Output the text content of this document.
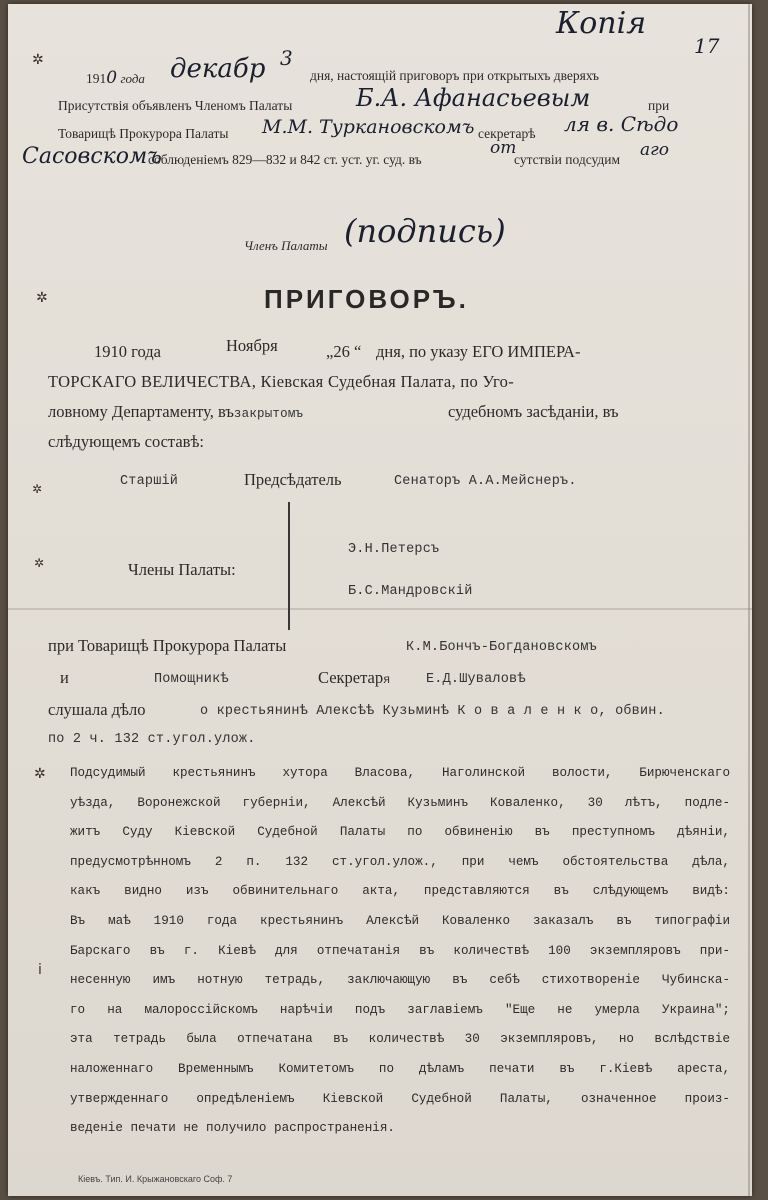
✲
✲
✲
✲
✲
ⅰ
Копія
17
1910 года декабр 3
дня, настоящій приговоръ при открытыхъ дверяхъ
Присутствія объявленъ Членомъ Палаты	Б.А. Афанасьевым	при
Товарищѣ Прокурора Палаты М.М. Туркановскомъ секретарѣ ля в. Сѣдо
Сасовскомъ
соблюденіемъ 829—832 и 842 ст. уст. уг. суд. въ
от
сутствіи подсудим аго
Членъ Палаты (подпись)
ПРИГОВОРЪ.
1910 года	Ноября	„26 “ дня, по указу ЕГО ИМПЕРА-
ТОРСКАГО ВЕЛИЧЕСТВА, Кіевская Судебная Палата, по Уго-
ловному Департаменту, възакрытомъ	судебномъ засѣданіи, въ
слѣдующемъ составѣ:
Старшій	Предсѣдатель	Сенаторъ А.А.Мейснеръ.
Члены Палаты:
Э.Н.Петерсъ
Б.С.Мандровскій
при Товарищѣ Прокурора Палаты	К.М.Бончъ-Богдановскомъ
и	Помощникѣ	Секретаря	Е.Д.Шуваловѣ
слушала дѣло	о крестьянинѣ Алексѣѣ Кузьминѣ К о в а л е н к о, обвин.
по 2 ч. 132 ст.угол.улож.
Подсудимый крестьянинъ хутора Власова, Наголинской волости, Бирюченскаго
уѣзда, Воронежской губерніи, Алексѣй Кузьминъ Коваленко, 30 лѣтъ, подле-
житъ Суду Кіевской Судебной Палаты по обвиненію въ преступномъ дѣяніи,
предусмотрѣнномъ 2 п. 132 ст.угол.улож., при чемъ обстоятельства дѣла,
какъ видно изъ обвинительнаго акта, представляются въ слѣдующемъ видѣ:
Въ маѣ 1910 года крестьянинъ Алексѣй Коваленко заказалъ въ типографіи
Барскаго въ г. Кіевѣ для отпечатанія въ количествѣ 100 экземпляровъ при-
несенную имъ нотную тетрадь, заключающую въ себѣ стихотвореніе Чубинска-
го на малороссійскомъ нарѣчіи подъ заглавіемъ "Еще не умерла Украина";
эта тетрадь была отпечатана въ количествѣ 30 экземпляровъ, но вслѣдствіе
наложеннаго Временнымъ Комитетомъ по дѣламъ печати въ г.Кіевѣ ареста,
утвержденнаго опредѣленіемъ Кіевской Судебной Палаты, означенное произ-
веденіе печати не получило распространенія.
Кіевъ. Тип. И. Крыжановскаго Соф. 7
